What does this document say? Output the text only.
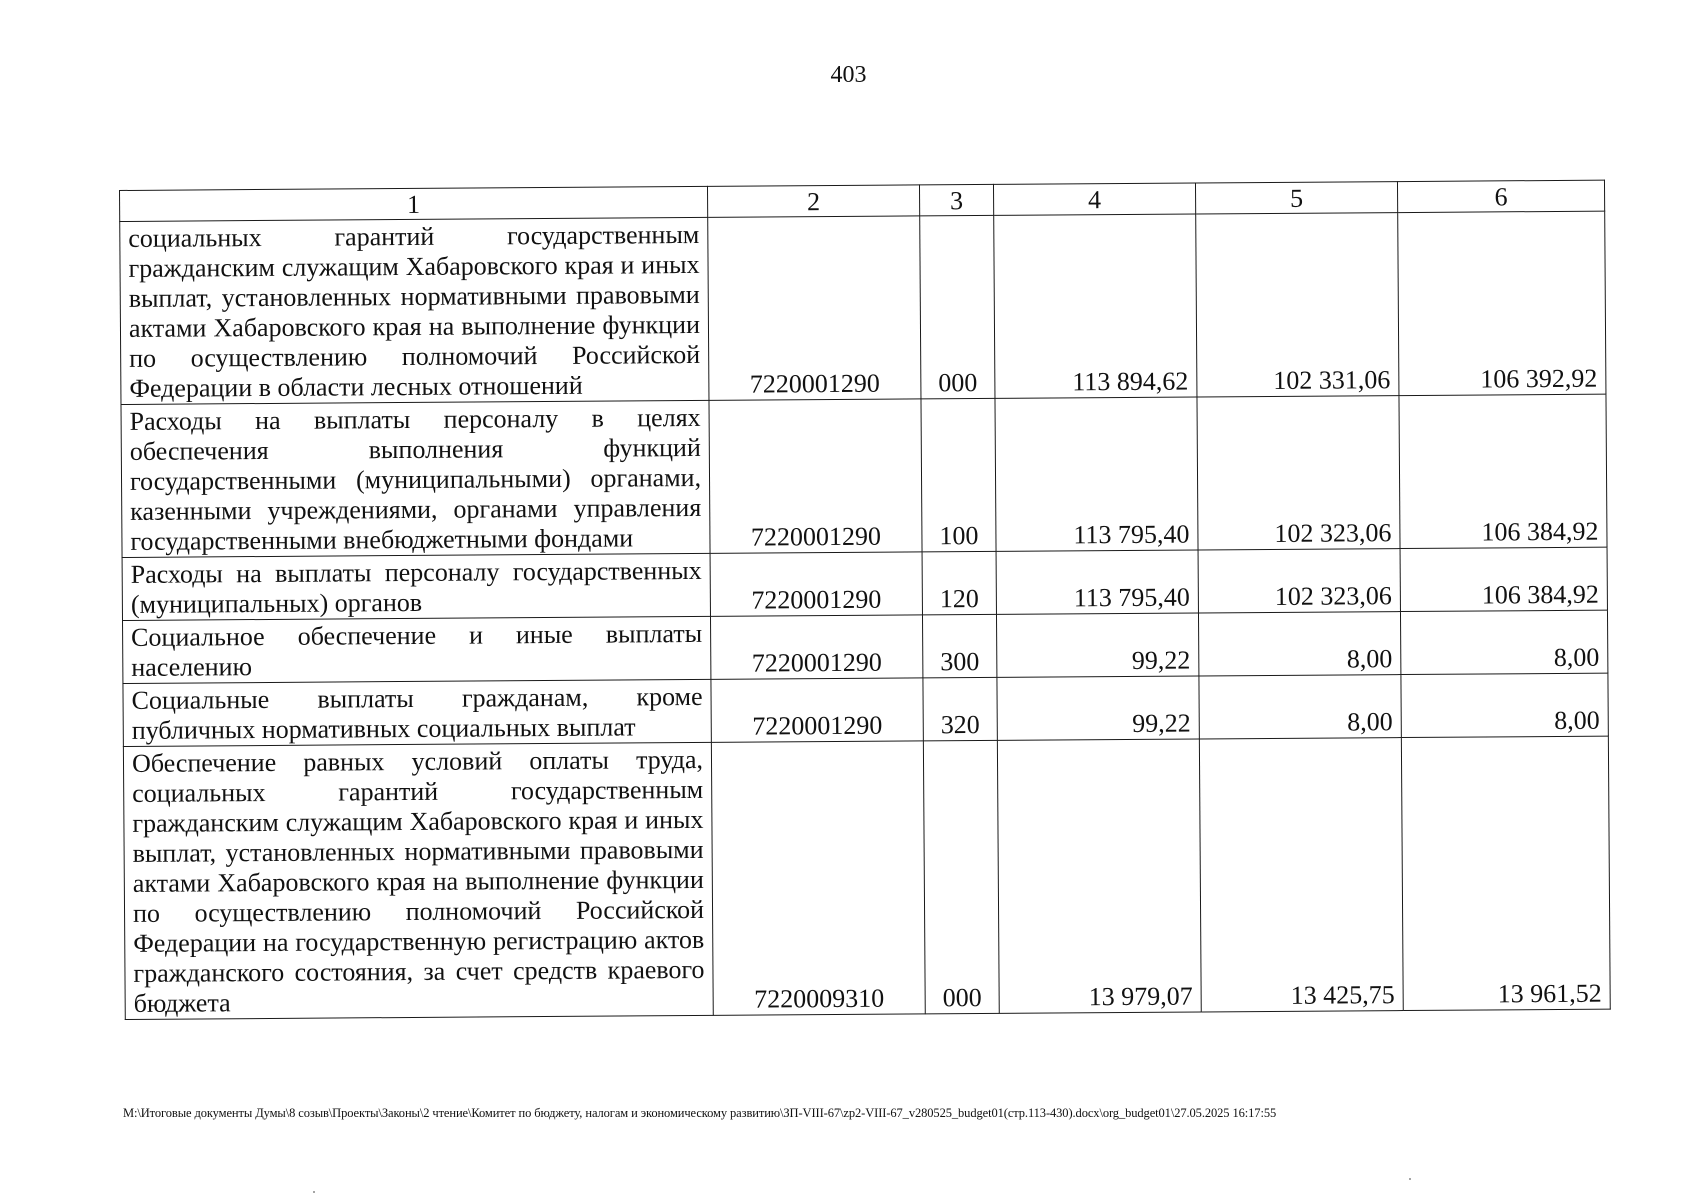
403
1	2	3	4	5	6
социальных гарантий государственным гражданским служащим Хабаровского края и иных выплат, установленных нормативными правовыми актами Хабаровского края на выполнение функции по осуществлению полномочий Российской Федерации в области лесных отношений	7220001290	000	113 894,62	102 331,06	106 392,92
Расходы на выплаты персоналу в целях обеспечения выполнения функций государственными (муниципальными) органами, казенными учреждениями, органами управления государственными внебюджетными фондами	7220001290	100	113 795,40	102 323,06	106 384,92
Расходы на выплаты персоналу государственных (муниципальных) органов	7220001290	120	113 795,40	102 323,06	106 384,92
Социальное обеспечение и иные выплаты населению	7220001290	300	99,22	8,00	8,00
Социальные выплаты гражданам, кроме публичных нормативных социальных выплат	7220001290	320	99,22	8,00	8,00
Обеспечение равных условий оплаты труда, социальных гарантий государственным гражданским служащим Хабаровского края и иных выплат, установленных нормативными правовыми актами Хабаровского края на выполнение функции по осуществлению полномочий Российской Федерации на государственную регистрацию актов гражданского состояния, за счет средств краевого бюджета	7220009310	000	13 979,07	13 425,75	13 961,52
M:\Итоговые документы Думы\8 созыв\Проекты\Законы\2 чтение\Комитет по бюджету, налогам и экономическому развитию\ЗП-VIII-67\zp2-VIII-67_v280525_budget01(стр.113-430).docx\org_budget01\27.05.2025 16:17:55
